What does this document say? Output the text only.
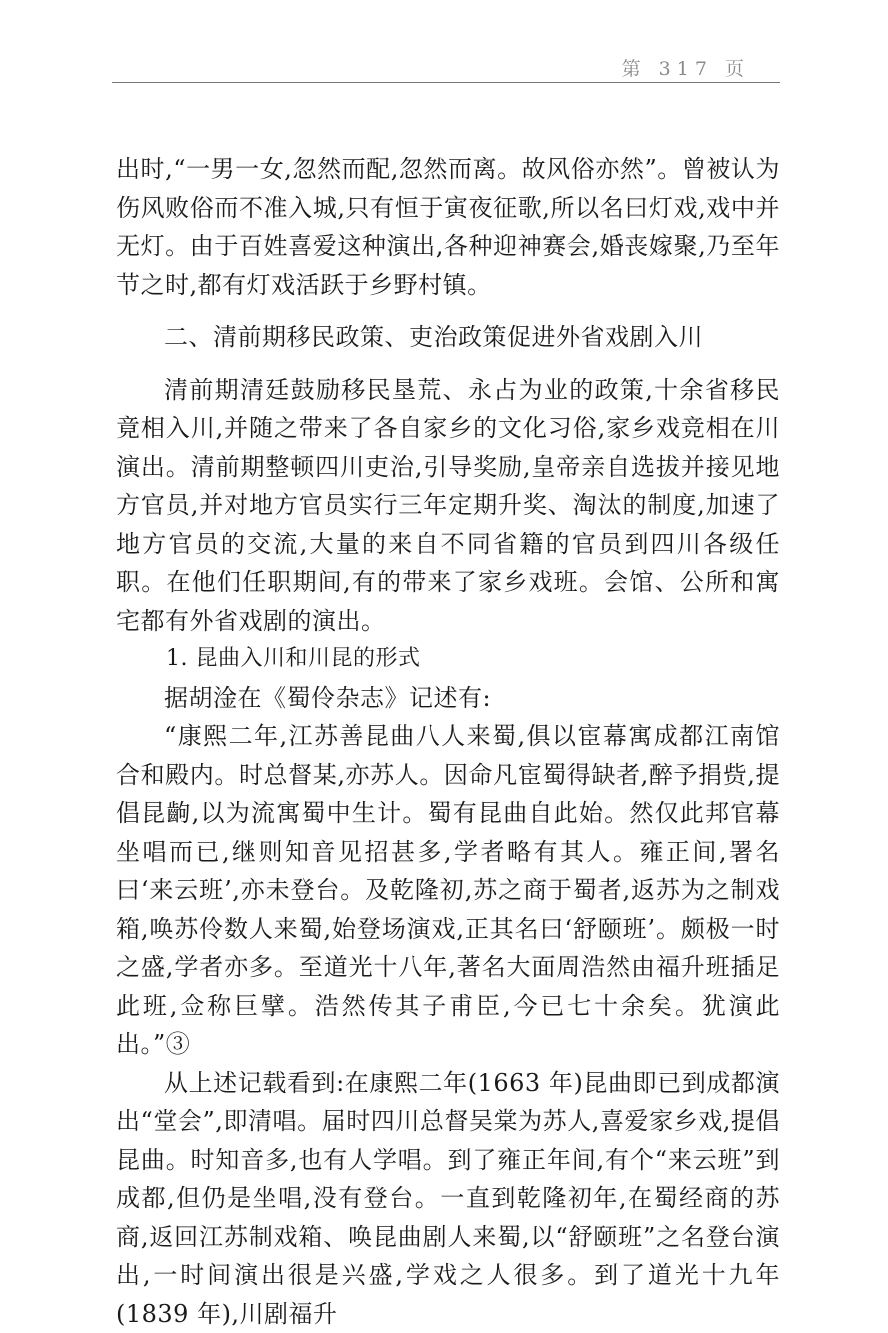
第 317 页

出时,“一男一女,忽然而配,忽然而离。故风俗亦然”。曾被认为伤风败俗而不准入城,只有恒于寅夜征歌,所以名曰灯戏,戏中并无灯。由于百姓喜爱这种演出,各种迎神赛会,婚丧嫁聚,乃至年节之时,都有灯戏活跃于乡野村镇。

二、清前期移民政策、吏治政策促进外省戏剧入川

清前期清廷鼓励移民垦荒、永占为业的政策,十余省移民竟相入川,并随之带来了各自家乡的文化习俗,家乡戏竞相在川演出。清前期整顿四川吏治,引导奖励,皇帝亲自选拔并接见地方官员,并对地方官员实行三年定期升奖、淘汰的制度,加速了地方官员的交流,大量的来自不同省籍的官员到四川各级任职。在他们任职期间,有的带来了家乡戏班。会馆、公所和寓宅都有外省戏剧的演出。

1. 昆曲入川和川昆的形式

据胡淦在《蜀伶杂志》记述有:

“康熙二年,江苏善昆曲八人来蜀,俱以宦幕寓成都江南馆合和殿内。时总督某,亦苏人。因命凡宦蜀得缺者,醉予捐赀,提倡昆齣,以为流寓蜀中生计。蜀有昆曲自此始。然仅此邦官幕坐唱而已,继则知音见招甚多,学者略有其人。雍正间,署名曰‘来云班’,亦未登台。及乾隆初,苏之商于蜀者,返苏为之制戏箱,唤苏伶数人来蜀,始登场演戏,正其名曰‘舒颐班’。颇极一时之盛,学者亦多。至道光十八年,著名大面周浩然由福升班插足此班,佥称巨擘。浩然传其子甫臣,今已七十余矣。犹演此出。”③

从上述记载看到:在康熙二年(1663 年)昆曲即已到成都演出“堂会”,即清唱。届时四川总督吴棠为苏人,喜爱家乡戏,提倡昆曲。时知音多,也有人学唱。到了雍正年间,有个“来云班”到成都,但仍是坐唱,没有登台。一直到乾隆初年,在蜀经商的苏商,返回江苏制戏箱、唤昆曲剧人来蜀,以“舒颐班”之名登台演出,一时间演出很是兴盛,学戏之人很多。到了道光十九年(1839 年),川剧福升
